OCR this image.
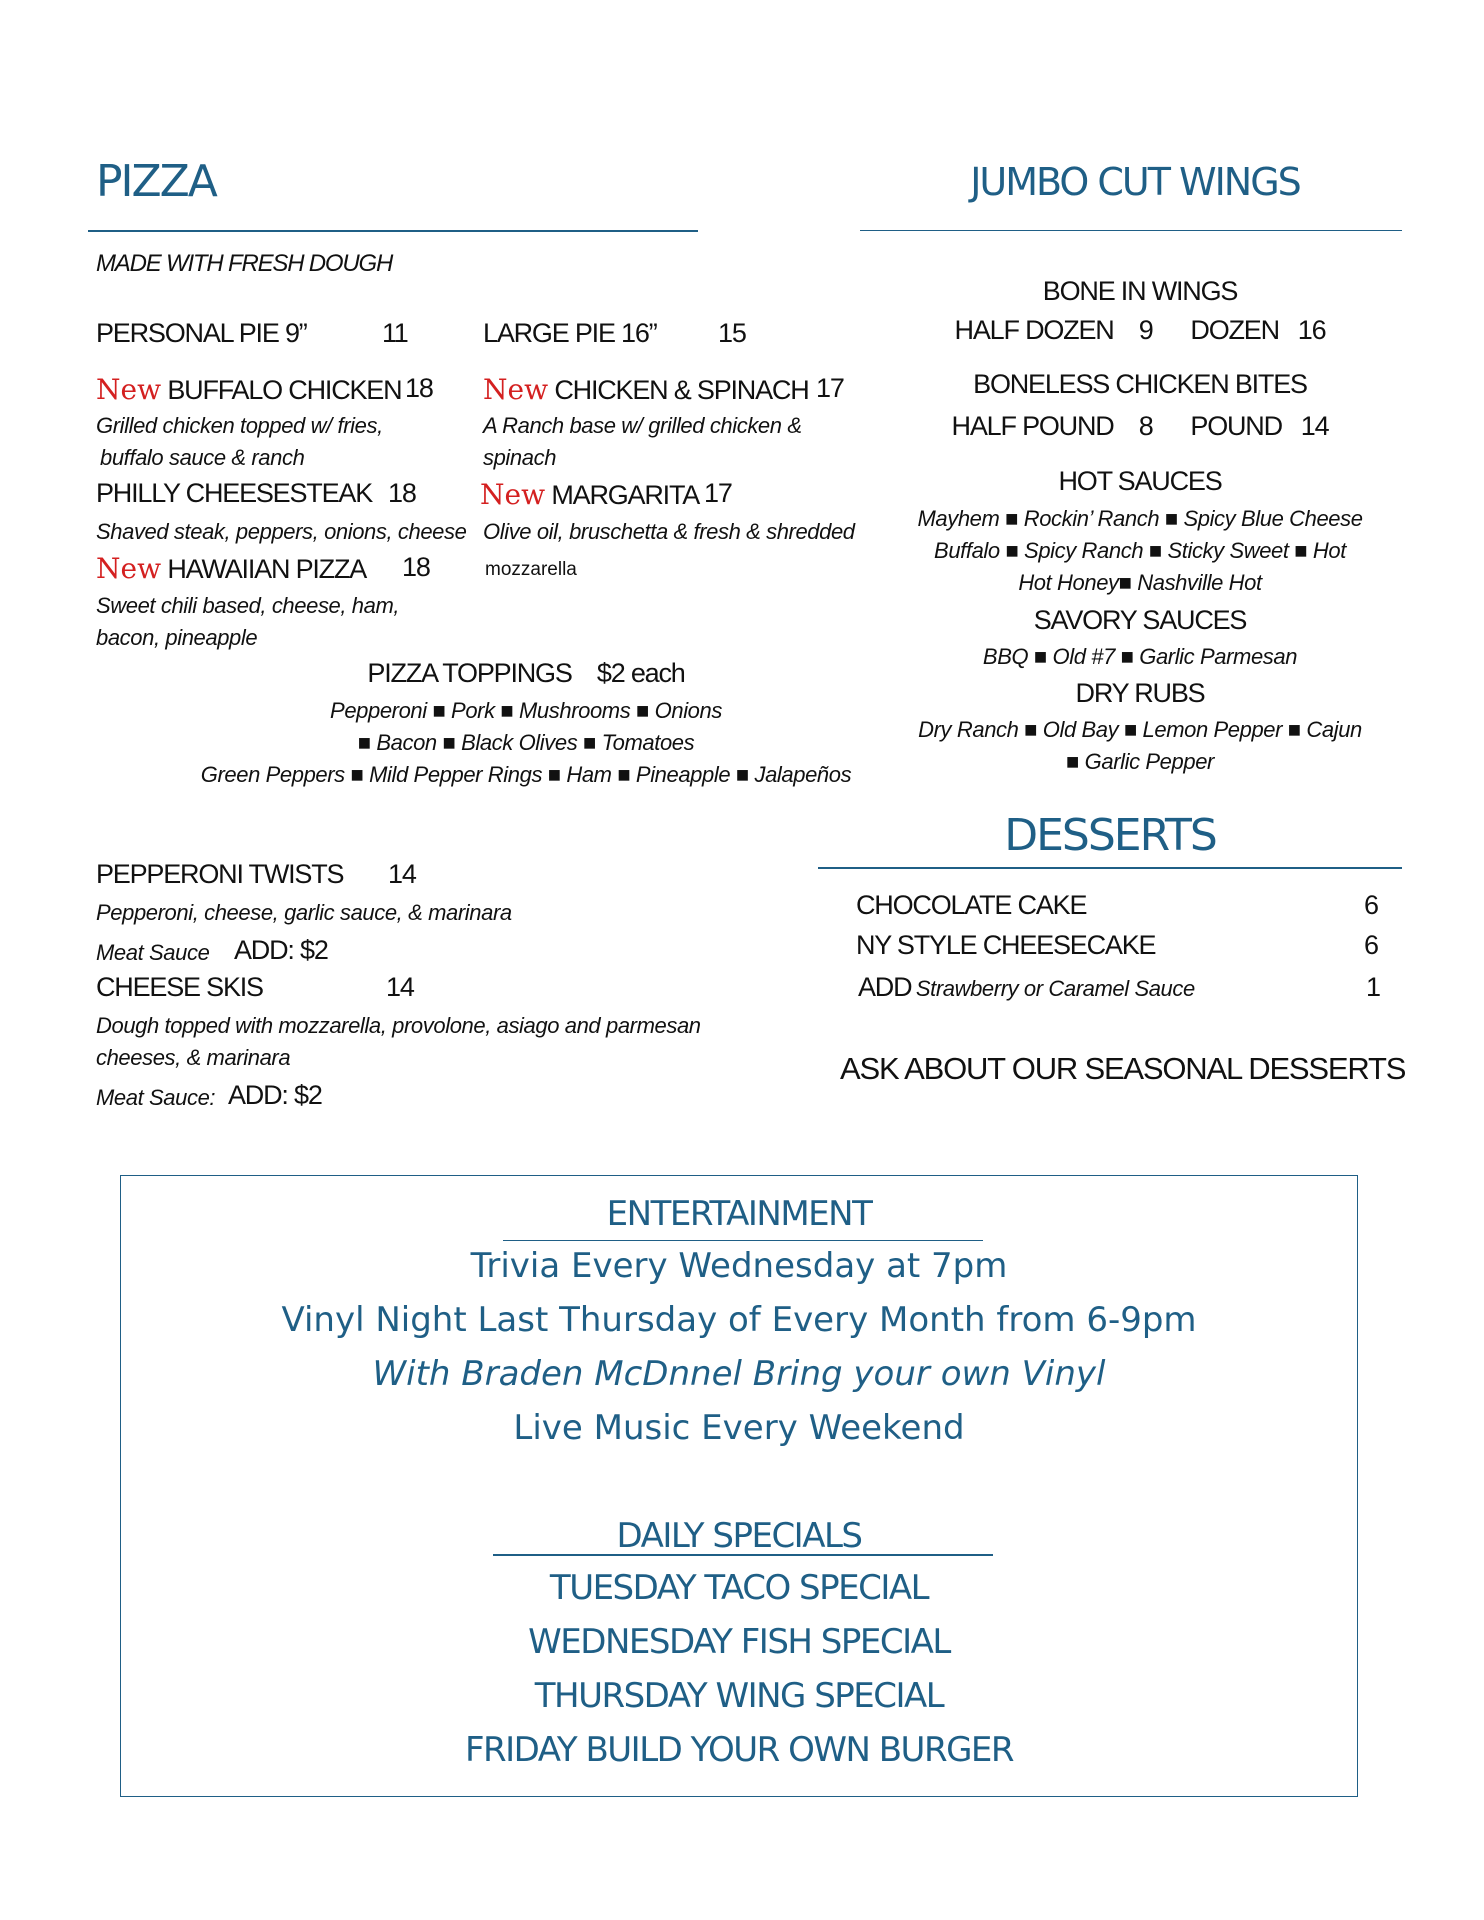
PIZZA
MADE WITH FRESH DOUGH
PERSONAL PIE 9”	11	LARGE PIE 16” 15
New BUFFALO CHICKEN 18
Grilled chicken topped w/ fries,
buffalo sauce & ranch
New CHICKEN & SPINACH 17
A Ranch base w/ grilled chicken &
spinach
PHILLY CHEESESTEAK 18
Shaved steak, peppers, onions, cheese
New MARGARITA 17
Olive oil, bruschetta & fresh & shredded
mozzarella
New HAWAIIAN PIZZA 18
Sweet chili based, cheese, ham,
bacon, pineapple
PIZZA TOPPINGS $2 each
Pepperoni ■ Pork ■ Mushrooms ■ Onions
■ Bacon ■ Black Olives ■ Tomatoes
Green Peppers ■ Mild Pepper Rings ■ Ham ■ Pineapple ■ Jalapeños
PEPPERONI TWISTS 14
Pepperoni, cheese, garlic sauce, & marinara
Meat Sauce ADD: $2
CHEESE SKIS	14
Dough topped with mozzarella, provolone, asiago and parmesan
cheeses, & marinara
Meat Sauce: ADD: $2
JUMBO CUT WINGS
BONE IN WINGS
HALF DOZEN    9      DOZEN   16
BONELESS CHICKEN BITES
HALF POUND    8      POUND   14
HOT SAUCES
Mayhem ■ Rockin’ Ranch ■ Spicy Blue Cheese
Buffalo ■ Spicy Ranch ■ Sticky Sweet ■ Hot
Hot Honey■ Nashville Hot
SAVORY SAUCES
BBQ ■ Old #7 ■ Garlic Parmesan
DRY RUBS
Dry Ranch ■ Old Bay ■ Lemon Pepper ■ Cajun
■ Garlic Pepper
DESSERTS
CHOCOLATE CAKE	6
NY STYLE CHEESECAKE	6
ADD Strawberry or Caramel Sauce	1
ASK ABOUT OUR SEASONAL DESSERTS
ENTERTAINMENT
Trivia Every Wednesday at 7pm
Vinyl Night Last Thursday of Every Month from 6-9pm
With Braden McDnnel Bring your own Vinyl
Live Music Every Weekend
DAILY SPECIALS
TUESDAY TACO SPECIAL
WEDNESDAY FISH SPECIAL
THURSDAY WING SPECIAL
FRIDAY BUILD YOUR OWN BURGER
